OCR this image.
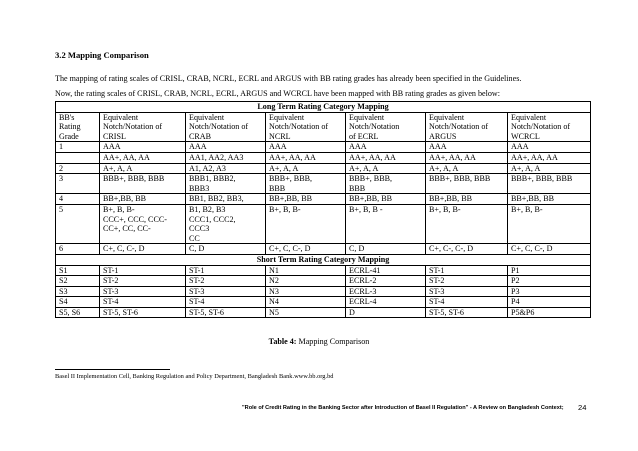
3.2 Mapping Comparison

The mapping of rating scales of CRISL, CRAB, NCRL, ECRL and ARGUS with BB rating grades has already been specified in the Guidelines.

Now, the rating scales of CRISL, CRAB, NCRL, ECRL, ARGUS and WCRCL have been mapped with BB rating grades as given below:

Long Term Rating Category Mapping						
BB's
Rating
Grade	Equivalent
Notch/Notation of
CRISL	Equivalent
Notch/Notation of
CRAB	Equivalent
Notch/Notation of
NCRL	Equivalent
Notch/Notation
of ECRL	Equivalent
Notch/Notation of
ARGUS	Equivalent
Notch/Notation of
WCRCL
1	AAA	AAA	AAA	AAA	AAA	AAA
	AA+, AA, AA	AA1, AA2, AA3	AA+, AA, AA	AA+, AA, AA	AA+, AA, AA	AA+, AA, AA
2	A+, A, A	A1, A2, A3	A+, A, A	A+, A, A	A+, A, A	A+, A, A
3	BBB+, BBB, BBB	BBB1, BBB2,
BBB3	BBB+, BBB,
BBB	BBB+, BBB,
BBB	BBB+, BBB, BBB	BBB+, BBB, BBB
4	BB+,BB, BB	BB1, BB2, BB3,	BB+,BB, BB	BB+,BB, BB	BB+,BB, BB	BB+,BB, BB
5	B+, B, B-
CCC+, CCC, CCC-
CC+, CC, CC-	B1, B2, B3
CCC1, CCC2,
CCC3
CC	B+, B, B-	B+, B, B -	B+, B, B-	B+, B, B-
6	C+, C, C-, D	C, D	C+, C, C-, D	C, D	C+, C-, C-, D	C+, C, C-, D
Short Term Rating Category Mapping						
S1	ST-1	ST-1	N1	ECRL-41	ST-1	P1
S2	ST-2	ST-2	N2	ECRL-2	ST-2	P2
S3	ST-3	ST-3	N3	ECRL-3	ST-3	P3
S4	ST-4	ST-4	N4	ECRL-4	ST-4	P4
S5, S6	ST-5, ST-6	ST-5, ST-6	N5	D	ST-5, ST-6	P5&P6
Table 4: Mapping Comparison
Basel II Implementation Cell, Banking Regulation and Policy Department, Bangladesh Bank.www.bb.org.bd
"Role of Credit Rating in the Banking Sector after Introduction of Basel II Regulation" - A Review on Bangladesh Context; 24
